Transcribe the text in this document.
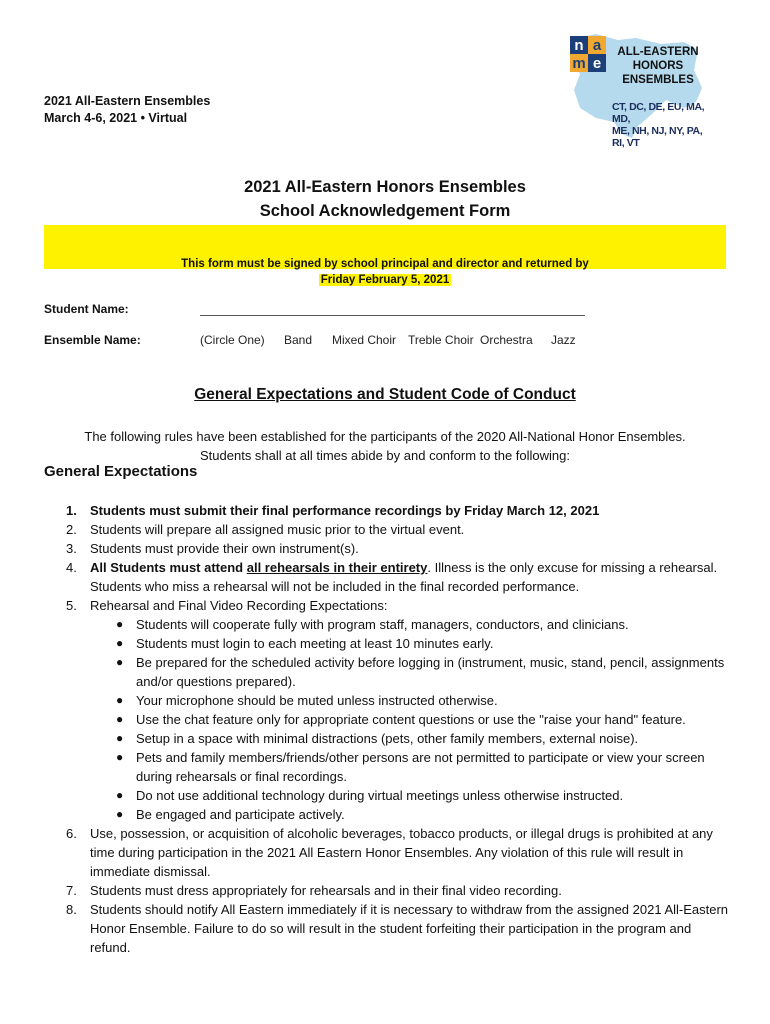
2021 All-Eastern Ensembles
March 4-6, 2021 • Virtual
n a
m e
ALL-EASTERN
HONORS
ENSEMBLES
CT, DC, DE, EU, MA, MD,
ME, NH, NJ, NY, PA, RI, VT
2021 All-Eastern Honors Ensembles
School Acknowledgement Form
This form must be signed by school principal and director and returned by
Friday February 5, 2021
Student Name:
Ensemble Name:	(Circle One) Band Mixed Choir Treble Choir Orchestra Jazz
General Expectations and Student Code of Conduct
The following rules have been established for the participants of the 2020 All-National Honor Ensembles.
Students shall at all times abide by and conform to the following:
General Expectations
1. Students must submit their final performance recordings by Friday March 12, 2021
2. Students will prepare all assigned music prior to the virtual event.
3. Students must provide their own instrument(s).
4. All Students must attend all rehearsals in their entirety. Illness is the only excuse for missing a rehearsal. Students who miss a rehearsal will not be included in the final recorded performance.
5. Rehearsal and Final Video Recording Expectations:
● Students will cooperate fully with program staff, managers, conductors, and clinicians.
● Students must login to each meeting at least 10 minutes early.
● Be prepared for the scheduled activity before logging in (instrument, music, stand, pencil, assignments and/or questions prepared).
● Your microphone should be muted unless instructed otherwise.
● Use the chat feature only for appropriate content questions or use the "raise your hand" feature.
● Setup in a space with minimal distractions (pets, other family members, external noise).
● Pets and family members/friends/other persons are not permitted to participate or view your screen during rehearsals or final recordings.
● Do not use additional technology during virtual meetings unless otherwise instructed.
● Be engaged and participate actively.
6. Use, possession, or acquisition of alcoholic beverages, tobacco products, or illegal drugs is prohibited at any time during participation in the 2021 All Eastern Honor Ensembles. Any violation of this rule will result in immediate dismissal.
7. Students must dress appropriately for rehearsals and in their final video recording.
8. Students should notify All Eastern immediately if it is necessary to withdraw from the assigned 2021 All-Eastern Honor Ensemble. Failure to do so will result in the student forfeiting their participation in the program and refund.
